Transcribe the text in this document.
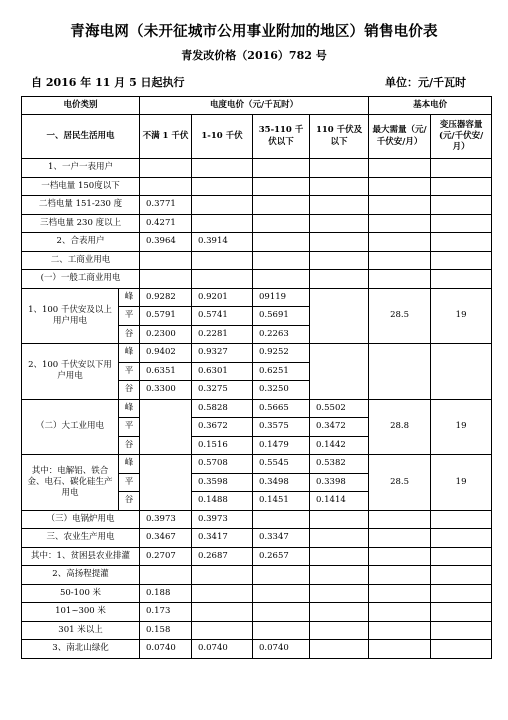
青海电网（未开征城市公用事业附加的地区）销售电价表
青发改价格（2016）782 号
自 2016 年 11 月 5 日起执行	单位：元/千瓦时
电价类别		电度电价（元/千瓦时）				基本电价	
一、居民生活用电		不满 1 千伏	1-10 千伏	35-110 千伏以下	110 千伏及以下	最大需量（元/千伏安/月）	变压器容量(元/千伏安/月）
1、一户一表用户							
一档电量 150度以下							
二档电量 151-230 度		0.3771					
三档电量 230 度以上		0.4271					
2、合表用户		0.3964	0.3914				
二、工商业用电							
(一）一般工商业用电							
1、100 千伏安及以上用户用电	峰	0.9282	0.9201	09119		28.5	19
	平	0.5791	0.5741	0.5691			
	谷	0.2300	0.2281	0.2263			
2、100 千伏安以下用户用电	峰	0.9402	0.9327	0.9252			
	平	0.6351	0.6301	0.6251			
	谷	0.3300	0.3275	0.3250			
（二）大工业用电	峰		0.5828	0.5665	0.5502	28.8	19
	平		0.3672	0.3575	0.3472		
	谷		0.1516	0.1479	0.1442		
其中：电解铝、铁合金、电石、碳化硅生产用电	峰		0.5708	0.5545	0.5382	28.5	19
	平		0.3598	0.3498	0.3398		
	谷		0.1488	0.1451	0.1414		
（三）电锅炉用电		0.3973	0.3973				
三、农业生产用电		0.3467	0.3417	0.3347			
其中：1、贫困县农业排灌		0.2707	0.2687	0.2657			
2、高扬程提灌							
50-100 米		0.188					
101~300 米		0.173					
301 米以上		0.158					
3、南北山绿化		0.0740	0.0740	0.0740			
